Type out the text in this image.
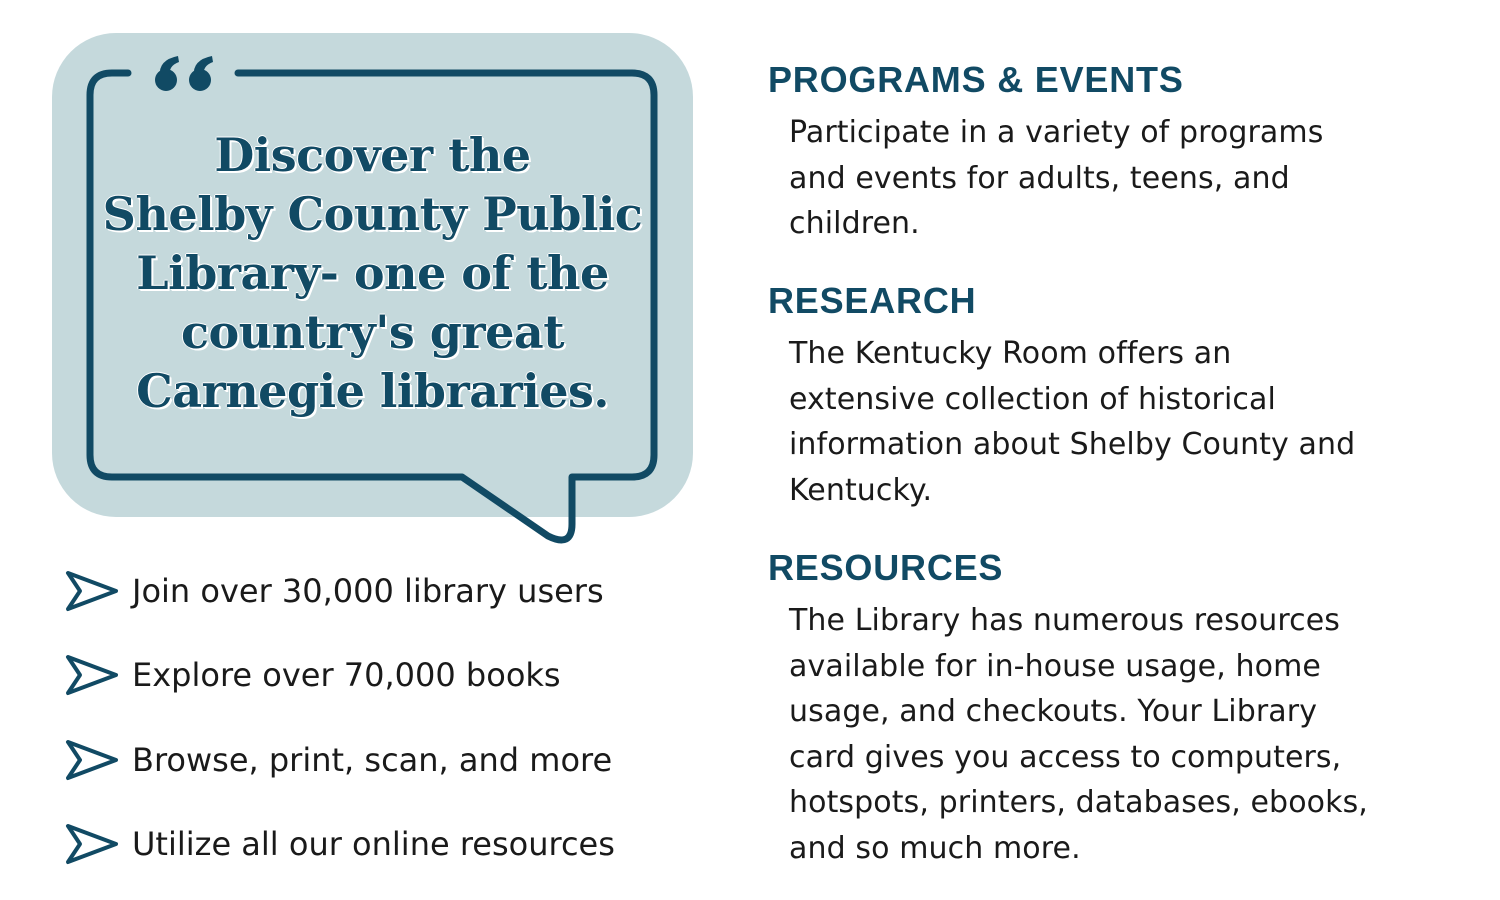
Discover the
Shelby County Public
Library- one of the
country's great
Carnegie libraries.
Join over 30,000 library users
Explore over 70,000 books
Browse, print, scan, and more
Utilize all our online resources
PROGRAMS & EVENTS
Participate in a variety of programs
and events for adults, teens, and
children.
RESEARCH
The Kentucky Room offers an
extensive collection of historical
information about Shelby County and
Kentucky.
RESOURCES
The Library has numerous resources
available for in-house usage, home
usage, and checkouts. Your Library
card gives you access to computers,
hotspots, printers, databases, ebooks,
and so much more.
